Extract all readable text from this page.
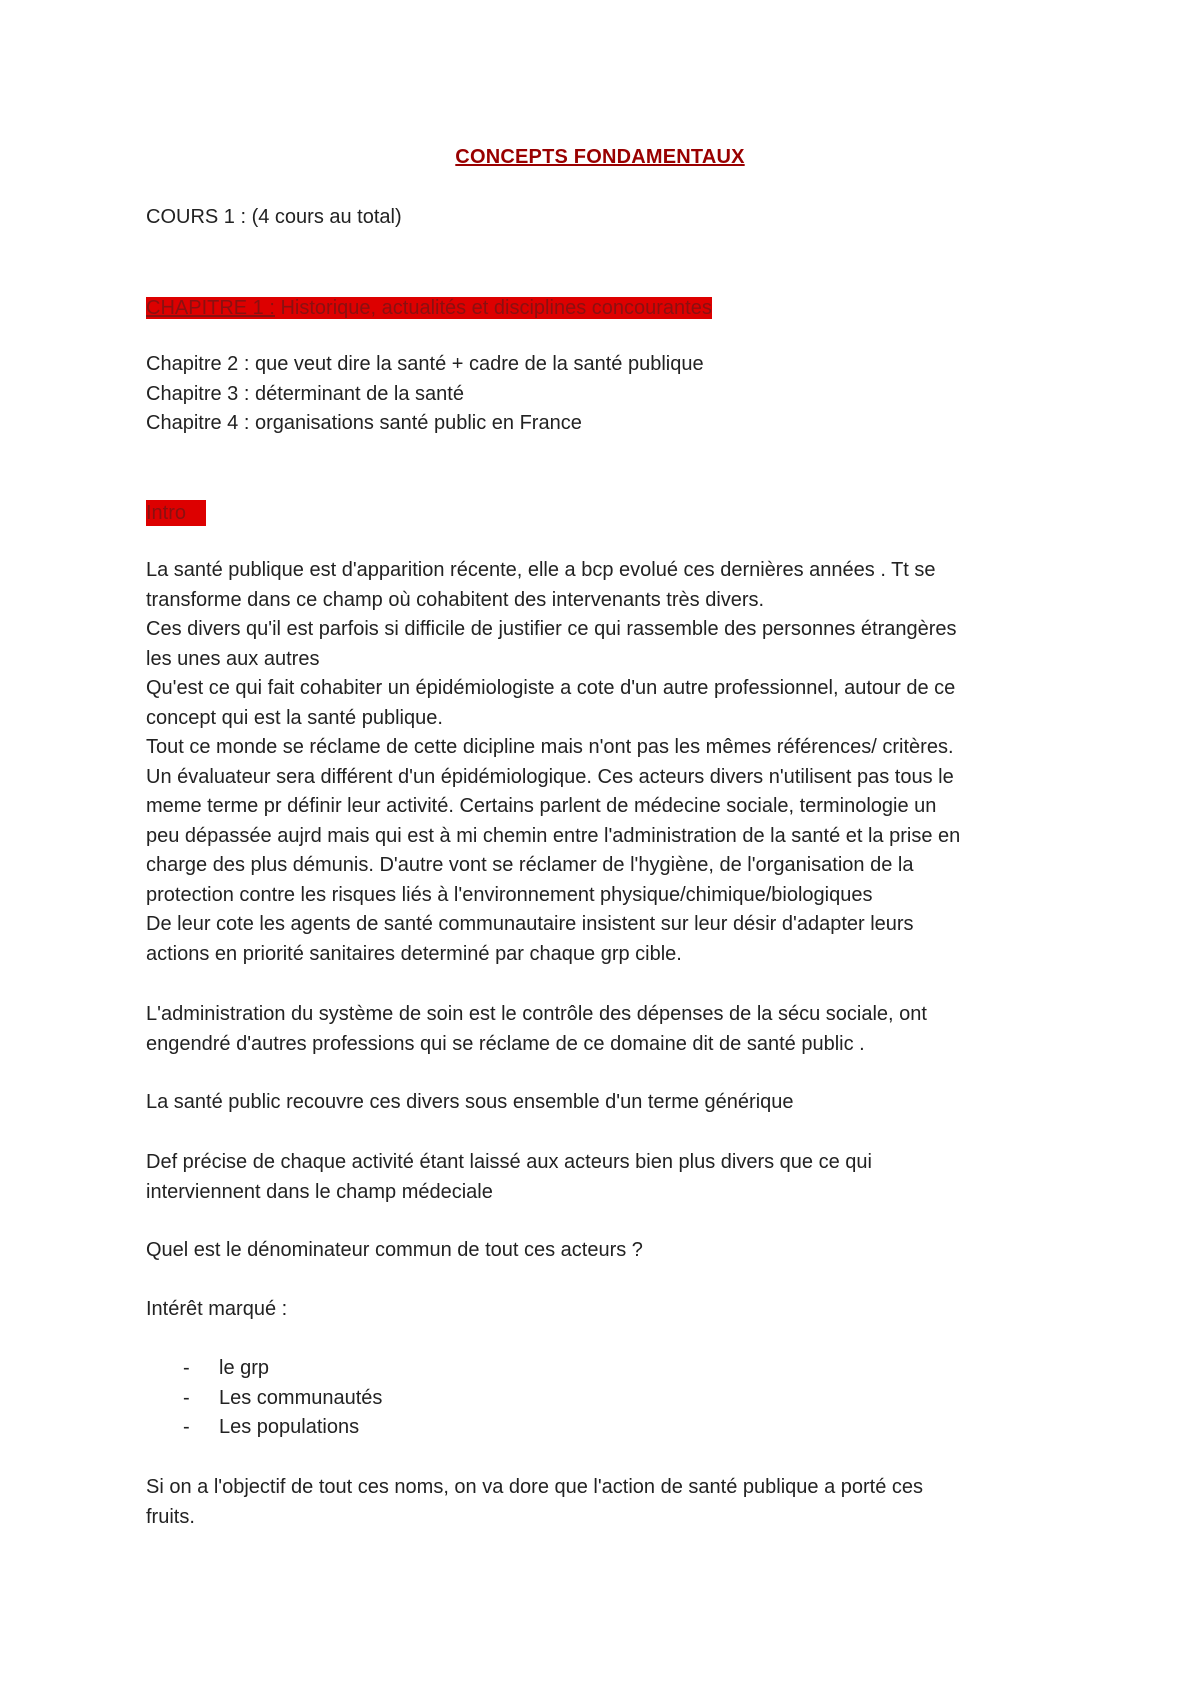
CONCEPTS FONDAMENTAUX
COURS 1 : (4 cours au total)
CHAPITRE 1 : Historique, actualités et disciplines concourantes
Chapitre 2 : que veut dire la santé + cadre de la santé publique
Chapitre 3 : déterminant de la santé
Chapitre 4 : organisations santé public en France
Intro

La santé publique est d'apparition récente, elle a bcp evolué ces dernières années . Tt se

transforme dans ce champ où cohabitent des intervenants très divers.

Ces divers qu'il est parfois si difficile de justifier ce qui rassemble des personnes étrangères

les unes aux autres

Qu'est ce qui fait cohabiter un épidémiologiste a cote d'un autre professionnel, autour de ce

concept qui est la santé publique.

Tout ce monde se réclame de cette dicipline mais n'ont pas les mêmes références/ critères.

Un évaluateur sera différent d'un épidémiologique. Ces acteurs divers n'utilisent pas tous le

meme terme pr définir leur activité. Certains parlent de médecine sociale, terminologie un

peu dépassée aujrd mais qui est à mi chemin entre l'administration de la santé et la prise en

charge des plus démunis. D'autre vont se réclamer de l'hygiène, de l'organisation de la

protection contre les risques liés à l'environnement physique/chimique/biologiques

De leur cote les agents de santé communautaire insistent sur leur désir d'adapter leurs

actions en priorité sanitaires determiné par chaque grp cible.

L'administration du système de soin est le contrôle des dépenses de la sécu sociale, ont

engendré d'autres professions qui se réclame de ce domaine dit de santé public .

La santé public recouvre ces divers sous ensemble d'un terme générique

Def précise de chaque activité étant laissé aux acteurs bien plus divers que ce qui

interviennent dans le champ médeciale

Quel est le dénominateur commun de tout ces acteurs ?
Intérêt marqué :
- le grp
- Les communautés
- Les populations

Si on a l'objectif de tout ces noms, on va dore que l'action de santé publique a porté ces

fruits.
